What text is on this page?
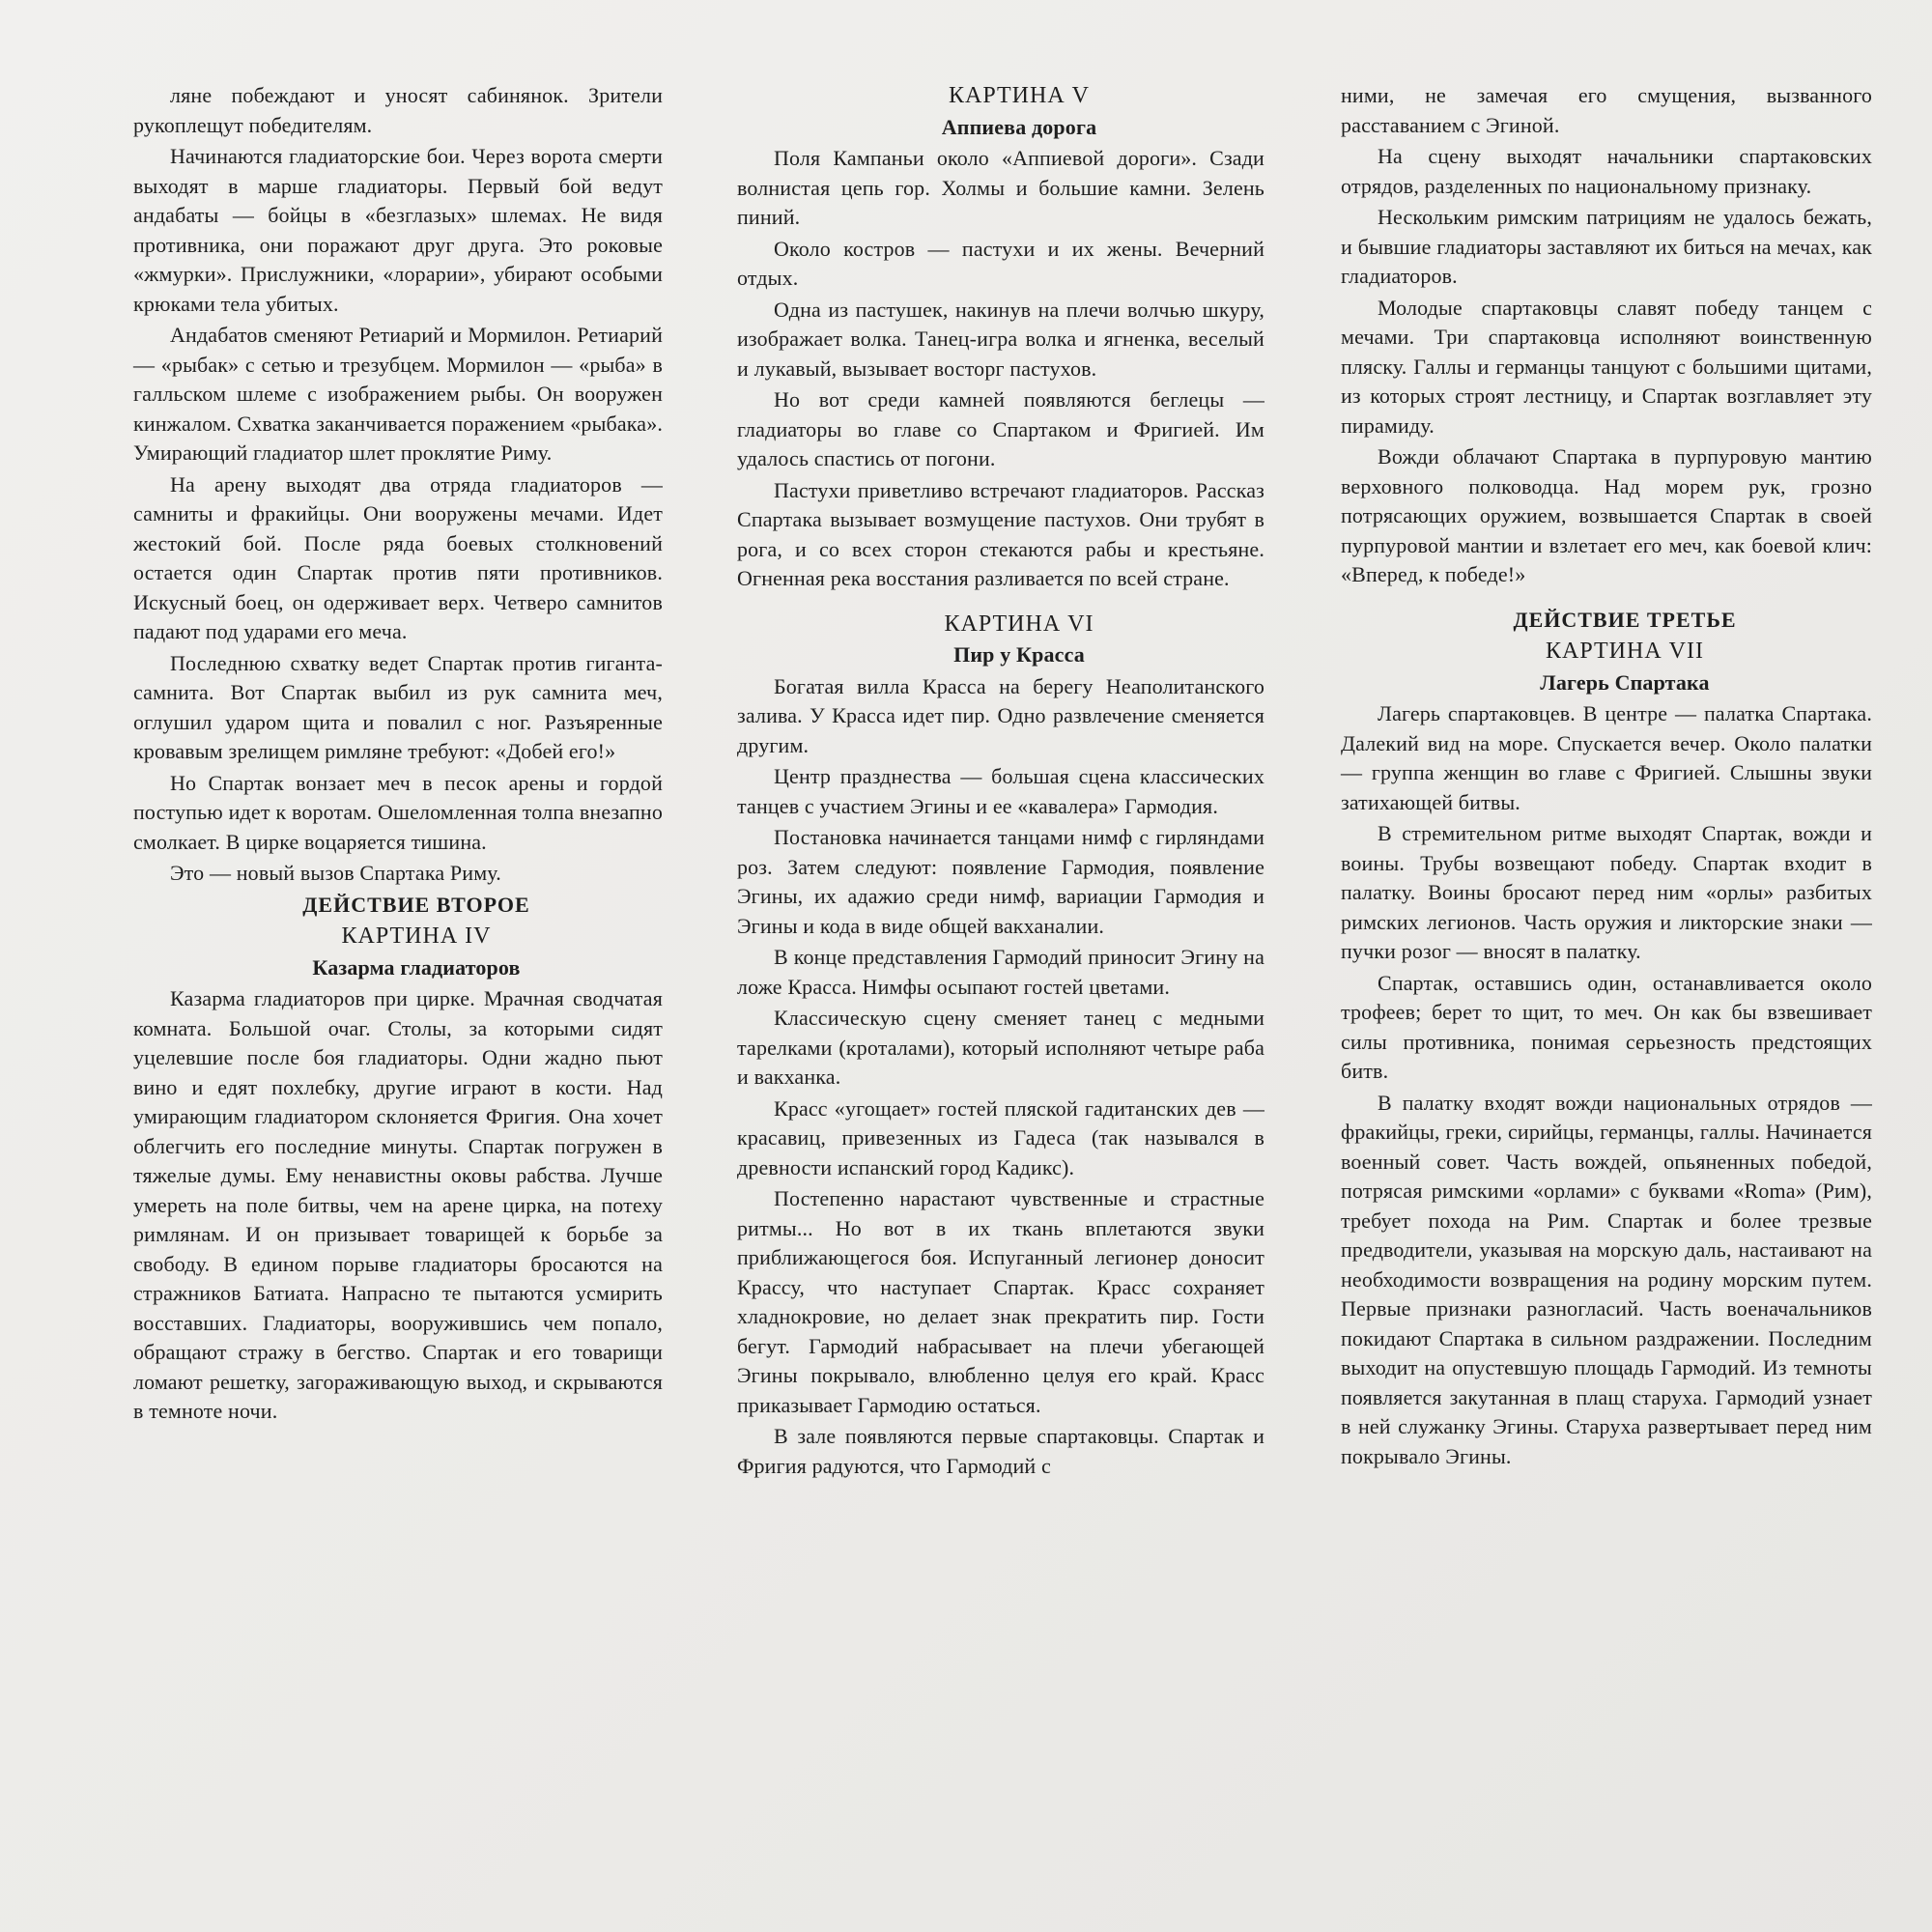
ляне побеждают и уносят сабинянок. Зрители рукоплещут победителям.

Начинаются гладиаторские бои. Через ворота смерти выходят в марше гладиаторы. Первый бой ведут андабаты — бойцы в «безглазых» шлемах. Не видя противника, они поражают друг друга. Это роковые «жмурки». Прислужники, «лорарии», убирают особыми крюками тела убитых.

Андабатов сменяют Ретиарий и Мормилон. Ретиарий — «рыбак» с сетью и трезубцем. Мормилон — «рыба» в галльском шлеме с изображением рыбы. Он вооружен кинжалом. Схватка заканчивается поражением «рыбака». Умирающий гладиатор шлет проклятие Риму.

На арену выходят два отряда гладиаторов — самниты и фракийцы. Они вооружены мечами. Идет жестокий бой. После ряда боевых столкновений остается один Спартак против пяти противников. Искусный боец, он одерживает верх. Четверо самнитов падают под ударами его меча.

Последнюю схватку ведет Спартак против гиганта-самнита. Вот Спартак выбил из рук самнита меч, оглушил ударом щита и повалил с ног. Разъяренные кровавым зрелищем римляне требуют: «Добей его!»

Но Спартак вонзает меч в песок арены и гордой поступью идет к воротам. Ошеломленная толпа внезапно смолкает. В цирке воцаряется тишина.

Это — новый вызов Спартака Риму.

ДЕЙСТВИЕ ВТОРОЕ

КАРТИНА IV

Казарма гладиаторов

Казарма гладиаторов при цирке. Мрачная сводчатая комната. Большой очаг. Столы, за которыми сидят уцелевшие после боя гладиаторы. Одни жадно пьют вино и едят похлебку, другие играют в кости. Над умирающим гладиатором склоняется Фригия. Она хочет облегчить его последние минуты. Спартак погружен в тяжелые думы. Ему ненавистны оковы рабства. Лучше умереть на поле битвы, чем на арене цирка, на потеху римлянам. И он призывает товарищей к борьбе за свободу. В едином порыве гладиаторы бросаются на стражников Батиата. Напрасно те пытаются усмирить восставших. Гладиаторы, вооружившись чем попало, обращают стражу в бегство. Спартак и его товарищи ломают решетку, загораживающую выход, и скрываются в темноте ночи.

КАРТИНА V

Аппиева дорога

Поля Кампаньи около «Аппиевой дороги». Сзади волнистая цепь гор. Холмы и большие камни. Зелень пиний.

Около костров — пастухи и их жены. Вечерний отдых.

Одна из пастушек, накинув на плечи волчью шкуру, изображает волка. Танец-игра волка и ягненка, веселый и лукавый, вызывает восторг пастухов.

Но вот среди камней появляются беглецы — гладиаторы во главе со Спартаком и Фригией. Им удалось спастись от погони.

Пастухи приветливо встречают гладиаторов. Рассказ Спартака вызывает возмущение пастухов. Они трубят в рога, и со всех сторон стекаются рабы и крестьяне. Огненная река восстания разливается по всей стране.

КАРТИНА VI

Пир у Красса

Богатая вилла Красса на берегу Неаполитанского залива. У Красса идет пир. Одно развлечение сменяется другим.

Центр празднества — большая сцена классических танцев с участием Эгины и ее «кавалера» Гармодия.

Постановка начинается танцами нимф с гирляндами роз. Затем следуют: появление Гармодия, появление Эгины, их адажио среди нимф, вариации Гармодия и Эгины и кода в виде общей вакханалии.

В конце представления Гармодий приносит Эгину на ложе Красса. Нимфы осыпают гостей цветами.

Классическую сцену сменяет танец с медными тарелками (кроталами), который исполняют четыре раба и вакханка.

Красс «угощает» гостей пляской гадитанских дев — красавиц, привезенных из Гадеса (так назывался в древности испанский город Кадикс).

Постепенно нарастают чувственные и страстные ритмы... Но вот в их ткань вплетаются звуки приближающегося боя. Испуганный легионер доносит Крассу, что наступает Спартак. Красс сохраняет хладнокровие, но делает знак прекратить пир. Гости бегут. Гармодий набрасывает на плечи убегающей Эгины покрывало, влюбленно целуя его край. Красс приказывает Гармодию остаться.

В зале появляются первые спартаковцы. Спартак и Фригия радуются, что Гармодий с

ними, не замечая его смущения, вызванного расставанием с Эгиной.

На сцену выходят начальники спартаковских отрядов, разделенных по национальному признаку.

Нескольким римским патрициям не удалось бежать, и бывшие гладиаторы заставляют их биться на мечах, как гладиаторов.

Молодые спартаковцы славят победу танцем с мечами. Три спартаковца исполняют воинственную пляску. Галлы и германцы танцуют с большими щитами, из которых строят лестницу, и Спартак возглавляет эту пирамиду.

Вожди облачают Спартака в пурпуровую мантию верховного полководца. Над морем рук, грозно потрясающих оружием, возвышается Спартак в своей пурпуровой мантии и взлетает его меч, как боевой клич: «Вперед, к победе!»

ДЕЙСТВИЕ ТРЕТЬЕ

КАРТИНА VII

Лагерь Спартака

Лагерь спартаковцев. В центре — палатка Спартака. Далекий вид на море. Спускается вечер. Около палатки — группа женщин во главе с Фригией. Слышны звуки затихающей битвы.

В стремительном ритме выходят Спартак, вожди и воины. Трубы возвещают победу. Спартак входит в палатку. Воины бросают перед ним «орлы» разбитых римских легионов. Часть оружия и ликторские знаки — пучки розог — вносят в палатку.

Спартак, оставшись один, останавливается около трофеев; берет то щит, то меч. Он как бы взвешивает силы противника, понимая серьезность предстоящих битв.

В палатку входят вожди национальных отрядов — фракийцы, греки, сирийцы, германцы, галлы. Начинается военный совет. Часть вождей, опьяненных победой, потрясая римскими «орлами» с буквами «Roma» (Рим), требует похода на Рим. Спартак и более трезвые предводители, указывая на морскую даль, настаивают на необходимости возвращения на родину морским путем. Первые признаки разногласий. Часть военачальников покидают Спартака в сильном раздражении. Последним выходит на опустевшую площадь Гармодий. Из темноты появляется закутанная в плащ старуха. Гармодий узнает в ней служанку Эгины. Старуха развертывает перед ним покрывало Эгины.
